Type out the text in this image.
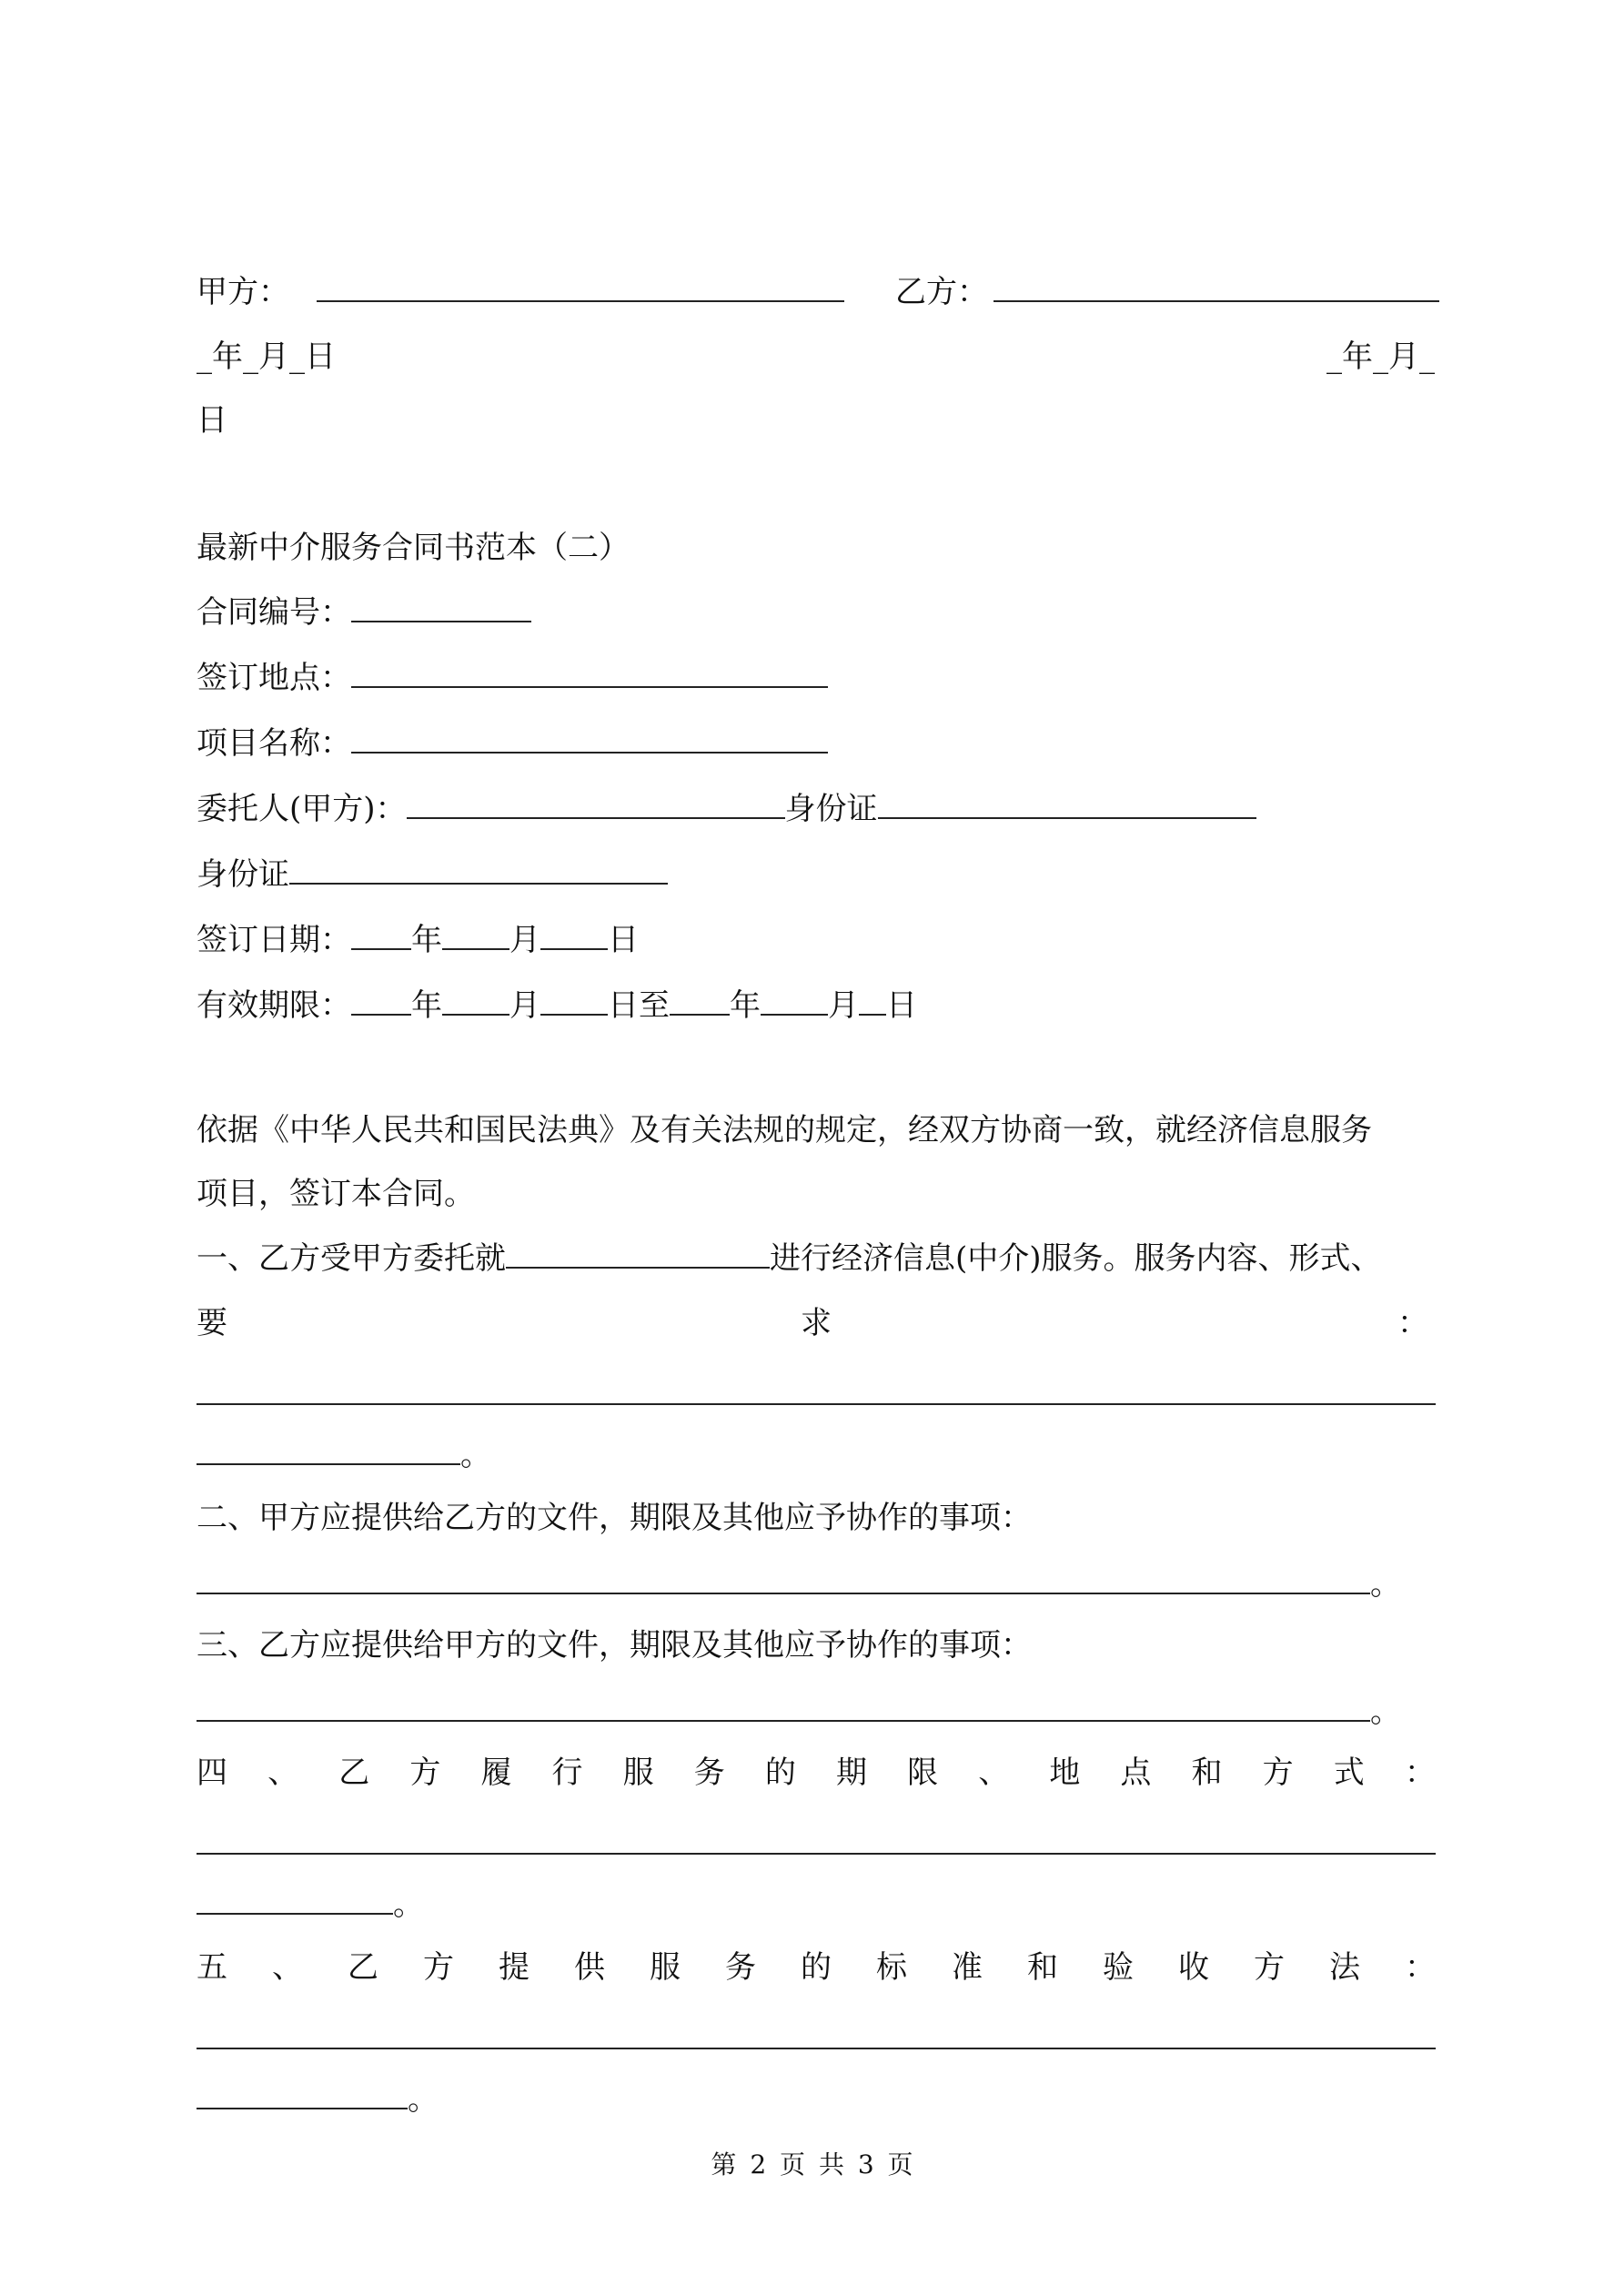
甲方：	乙方：
_年_月_日	_年_月_
日
最新中介服务合同书范本（二）
合同编号：
签订地点：
项目名称：
委托人(甲方)：	身份证
身份证
签订日期： 年 月 日
有效期限： 年 月 日至 年 月 日
依据《中华人民共和国民法典》及有关法规的规定，经双方协商一致，就经济信息服务
项目，签订本合同。
一、乙方受甲方委托就	进行经济信息(中介)服务。服务内容、形式、
要	求	：
。
二、甲方应提供给乙方的文件，期限及其他应予协作的事项：
。
三、乙方应提供给甲方的文件，期限及其他应予协作的事项：
。
四 、 乙 方 履 行 服 务 的 期 限 、 地 点 和 方 式 ：
。
五 、 乙 方 提 供 服 务 的 标 准 和 验 收 方 法 ：
。
第 2 页 共 3 页
